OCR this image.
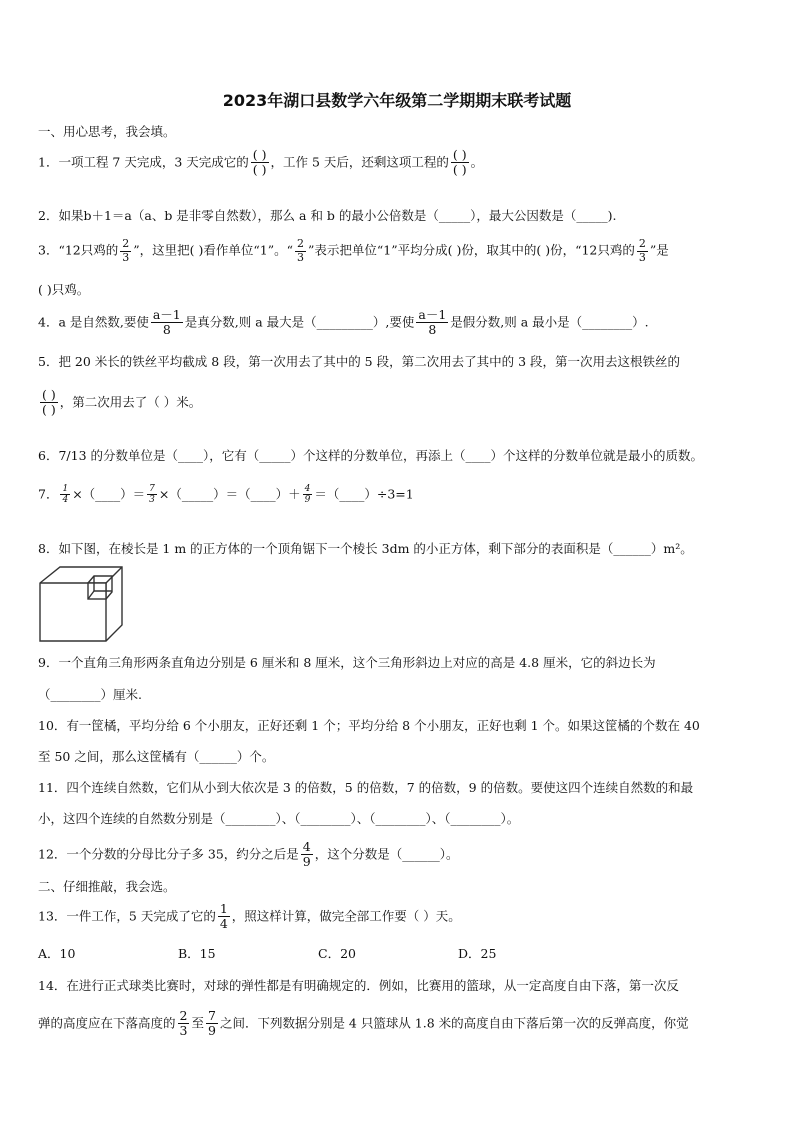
2023年湖口县数学六年级第二学期期末联考试题
一、用心思考，我会填。
1．一项工程 7 天完成，3 天完成它的 $\frac{( )}{( )}$ ，工作 5 天后，还剩这项工程的 $\frac{( )}{( )}$ 。
2．如果b＋1＝a（a、b 是非零自然数），那么 a 和 b 的最小公倍数是（_____），最大公因数是（_____).
3．“12只鸡的 $\frac{2}{3}$ ”，这里把( )看作单位“1”。“ $\frac{2}{3}$ ”表示把单位“1”平均分成( )份，取其中的( )份，“12只鸡的 $\frac{2}{3}$ ”是
( )只鸡。
4．a 是自然数,要使 $\frac{a-1}{8}$ 是真分数,则 a 最大是（_________）,要使 $\frac{a-1}{8}$ 是假分数,则 a 最小是（________）.
5．把 20 米长的铁丝平均截成 8 段，第一次用去了其中的 5 段，第二次用去了其中的 3 段，第一次用去这根铁丝的
$\frac{( )}{( )}$ ，第二次用去了（ ）米。
6．7/13 的分数单位是（____），它有（_____）个这样的分数单位，再添上（____）个这样的分数单位就是最小的质数。
7． $\frac{1}{4}$ ×（____）＝ $\frac{7}{3}$ ×（_____）＝（____）＋ $\frac{4}{9}$ ＝（____）÷3=1
8．如下图，在棱长是 1 m 的正方体的一个顶角锯下一个棱长 3dm 的小正方体，剩下部分的表面积是（______）m²。
9．一个直角三角形两条直角边分别是 6 厘米和 8 厘米，这个三角形斜边上对应的高是 4.8 厘米，它的斜边长为
（________）厘米.
10．有一筐橘，平均分给 6 个小朋友，正好还剩 1 个；平均分给 8 个小朋友，正好也剩 1 个。如果这筐橘的个数在 40
至 50 之间，那么这筐橘有（______）个。
11．四个连续自然数，它们从小到大依次是 3 的倍数，5 的倍数，7 的倍数，9 的倍数。要使这四个连续自然数的和最
小，这四个连续的自然数分别是（________）、（________）、（________）、（________）。
12．一个分数的分母比分子多 35，约分之后是 $\frac{4}{9}$ ，这个分数是（______）。
二、仔细推敲，我会选。
13．一件工作，5 天完成了它的 $\frac{1}{4}$ ，照这样计算，做完全部工作要（ ）天。
A．10	B．15	C．20	D．25
14．在进行正式球类比赛时，对球的弹性都是有明确规定的．例如，比赛用的篮球，从一定高度自由下落，第一次反
弹的高度应在下落高度的 $\frac{2}{3}$ 至 $\frac{7}{9}$ 之间．下列数据分别是 4 只篮球从 1.8 米的高度自由下落后第一次的反弹高度，你觉
